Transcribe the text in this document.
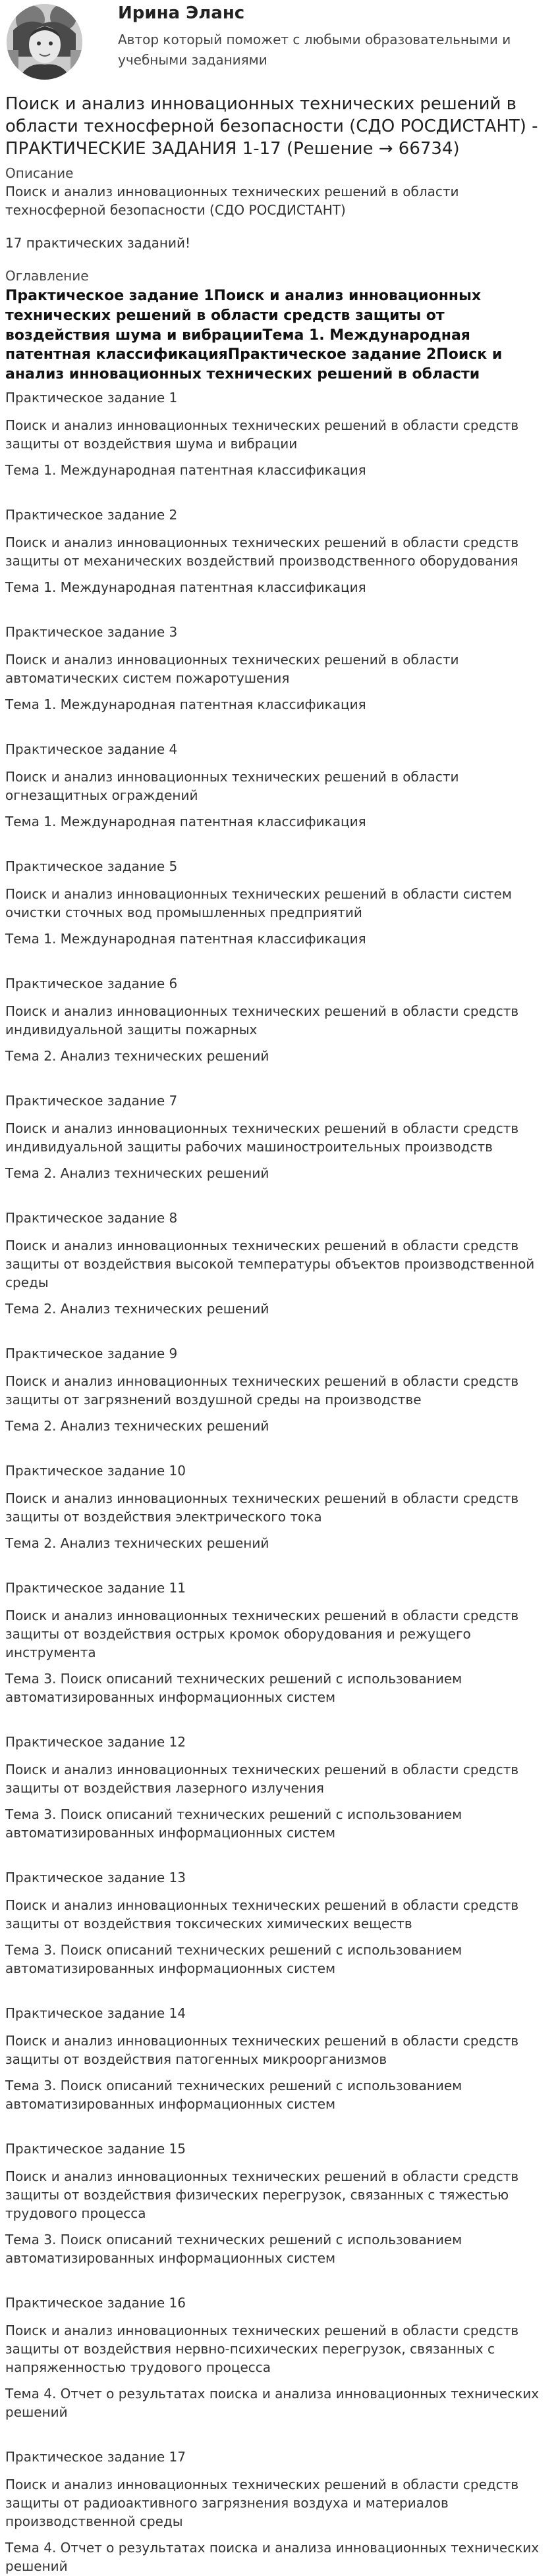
Ирина Эланс
Автор который поможет с любыми образовательными и учебными заданиями
Поиск и анализ инновационных технических решений в области техносферной безопасности (СДО РОСДИСТАНТ) - ПРАКТИЧЕСКИЕ ЗАДАНИЯ 1-17 (Решение → 66734)
Описание
Поиск и анализ инновационных технических решений в области техносферной безопасности (СДО РОСДИСТАНТ)
17 практических заданий!
Оглавление
Практическое задание 1Поиск и анализ инновационных технических решений в области средств защиты от воздействия шума и вибрацииТема 1. Международная патентная классификацияПрактическое задание 2Поиск и анализ инновационных технических решений в области
Практическое задание 1
Поиск и анализ инновационных технических решений в области средств защиты от воздействия шума и вибрации
Тема 1. Международная патентная классификация
Практическое задание 2
Поиск и анализ инновационных технических решений в области средств защиты от механических воздействий производственного оборудования
Тема 1. Международная патентная классификация
Практическое задание 3
Поиск и анализ инновационных технических решений в области автоматических систем пожаротушения
Тема 1. Международная патентная классификация
Практическое задание 4
Поиск и анализ инновационных технических решений в области огнезащитных ограждений
Тема 1. Международная патентная классификация
Практическое задание 5
Поиск и анализ инновационных технических решений в области систем очистки сточных вод промышленных предприятий
Тема 1. Международная патентная классификация
Практическое задание 6
Поиск и анализ инновационных технических решений в области средств индивидуальной защиты пожарных
Тема 2. Анализ технических решений
Практическое задание 7
Поиск и анализ инновационных технических решений в области средств индивидуальной защиты рабочих машиностроительных производств
Тема 2. Анализ технических решений
Практическое задание 8
Поиск и анализ инновационных технических решений в области средств защиты от воздействия высокой температуры объектов производственной среды
Тема 2. Анализ технических решений
Практическое задание 9
Поиск и анализ инновационных технических решений в области средств защиты от загрязнений воздушной среды на производстве
Тема 2. Анализ технических решений
Практическое задание 10
Поиск и анализ инновационных технических решений в области средств защиты от воздействия электрического тока
Тема 2. Анализ технических решений
Практическое задание 11
Поиск и анализ инновационных технических решений в области средств защиты от воздействия острых кромок оборудования и режущего инструмента
Тема 3. Поиск описаний технических решений с использованием автоматизированных информационных систем
Практическое задание 12
Поиск и анализ инновационных технических решений в области средств защиты от воздействия лазерного излучения
Тема 3. Поиск описаний технических решений с использованием автоматизированных информационных систем
Практическое задание 13
Поиск и анализ инновационных технических решений в области средств защиты от воздействия токсических химических веществ
Тема 3. Поиск описаний технических решений с использованием автоматизированных информационных систем
Практическое задание 14
Поиск и анализ инновационных технических решений в области средств защиты от воздействия патогенных микроорганизмов
Тема 3. Поиск описаний технических решений с использованием автоматизированных информационных систем
Практическое задание 15
Поиск и анализ инновационных технических решений в области средств защиты от воздействия физических перегрузок, связанных с тяжестью трудового процесса
Тема 3. Поиск описаний технических решений с использованием автоматизированных информационных систем
Практическое задание 16
Поиск и анализ инновационных технических решений в области средств защиты от воздействия нервно-психических перегрузок, связанных с напряженностью трудового процесса
Тема 4. Отчет о результатах поиска и анализа инновационных технических решений
Практическое задание 17
Поиск и анализ инновационных технических решений в области средств защиты от радиоактивного загрязнения воздуха и материалов производственной среды
Тема 4. Отчет о результатах поиска и анализа инновационных технических решений
